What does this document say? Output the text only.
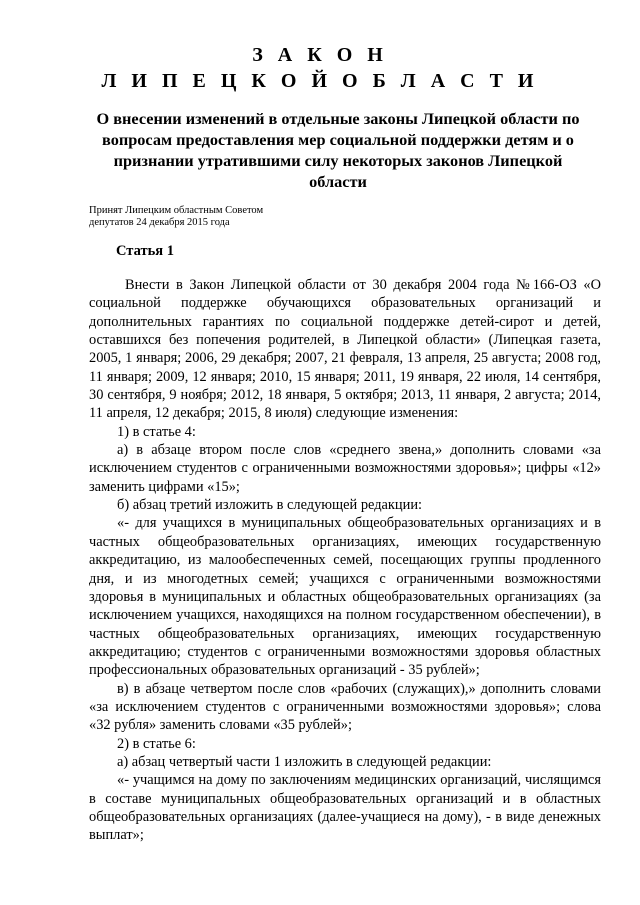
З А К О Н
Л И П Е Ц К О Й О Б Л А С Т И

О внесении изменений в отдельные законы Липецкой области по вопросам предоставления мер социальной поддержки детям и о признании утратившими силу некоторых законов Липецкой области

Принят Липецким областным Советом
депутатов 24 декабря 2015 года
Статья 1

Внести в Закон Липецкой области от 30 декабря 2004 года №166-ОЗ «О социальной поддержке обучающихся образовательных организаций и дополнительных гарантиях по социальной поддержке детей-сирот и детей, оставшихся без попечения родителей, в Липецкой области» (Липецкая газета, 2005, 1 января; 2006, 29 декабря; 2007, 21 февраля, 13 апреля, 25 августа; 2008 год, 11 января; 2009, 12 января; 2010, 15 января; 2011, 19 января, 22 июля, 14 сентября, 30 сентября, 9 ноября; 2012, 18 января, 5 октября; 2013, 11 января, 2 августа; 2014, 11 апреля, 12 декабря; 2015, 8 июля) следующие изменения:

1) в статье 4:

а) в абзаце втором после слов «среднего звена,» дополнить словами «за исключением студентов с ограниченными возможностями здоровья»; цифры «12» заменить цифрами «15»;

б) абзац третий изложить в следующей редакции:

«- для учащихся в муниципальных общеобразовательных организациях и в частных общеобразовательных организациях, имеющих государственную аккредитацию, из малообеспеченных семей, посещающих группы продленного дня, и из многодетных семей; учащихся с ограниченными возможностями здоровья в муниципальных и областных общеобразовательных организациях (за исключением учащихся, находящихся на полном государственном обеспечении), в частных общеобразовательных организациях, имеющих государственную аккредитацию; студентов с ограниченными возможностями здоровья областных профессиональных образовательных организаций - 35 рублей»;

в) в абзаце четвертом после слов «рабочих (служащих),» дополнить словами «за исключением студентов с ограниченными возможностями здоровья»; слова «32 рубля» заменить словами «35 рублей»;

2) в статье 6:

а) абзац четвертый части 1 изложить в следующей редакции:

«- учащимся на дому по заключениям медицинских организаций, числящимся в составе муниципальных общеобразовательных организаций и в областных общеобразовательных организациях (далее-учащиеся на дому), - в виде денежных выплат»;
